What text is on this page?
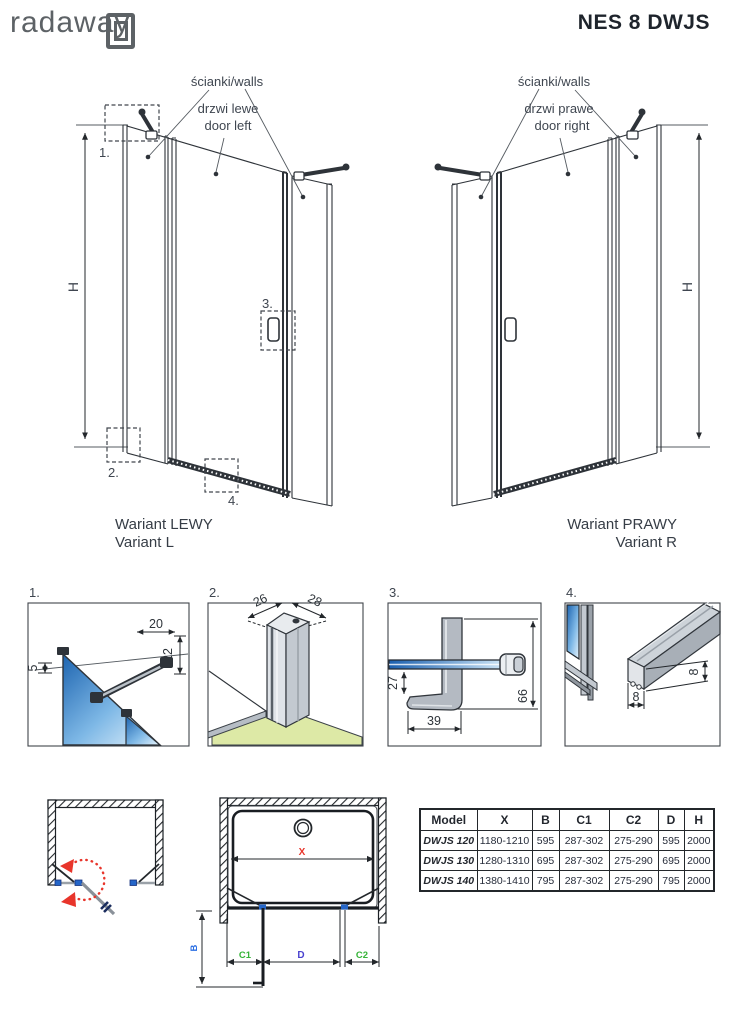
radaway	NES 8 DWJS
ścianki/walls
drzwi lewe
door left
1.
2.
3.
4.
H
Wariant LEWY
Variant L
ścianki/walls
drzwi prawe
door right
H
Wariant PRAWY
Variant R
1.
5
20
22
2. 26	28	3.
27
39
66
4.
8
8
X
B
C1	D	C2
Model	X	B	C1	C2	D	H
DWJS 120	1180-1210	595	287-302	275-290	595	2000
DWJS 130	1280-1310	695	287-302	275-290	695	2000
DWJS 140	1380-1410	795	287-302	275-290	795	2000
